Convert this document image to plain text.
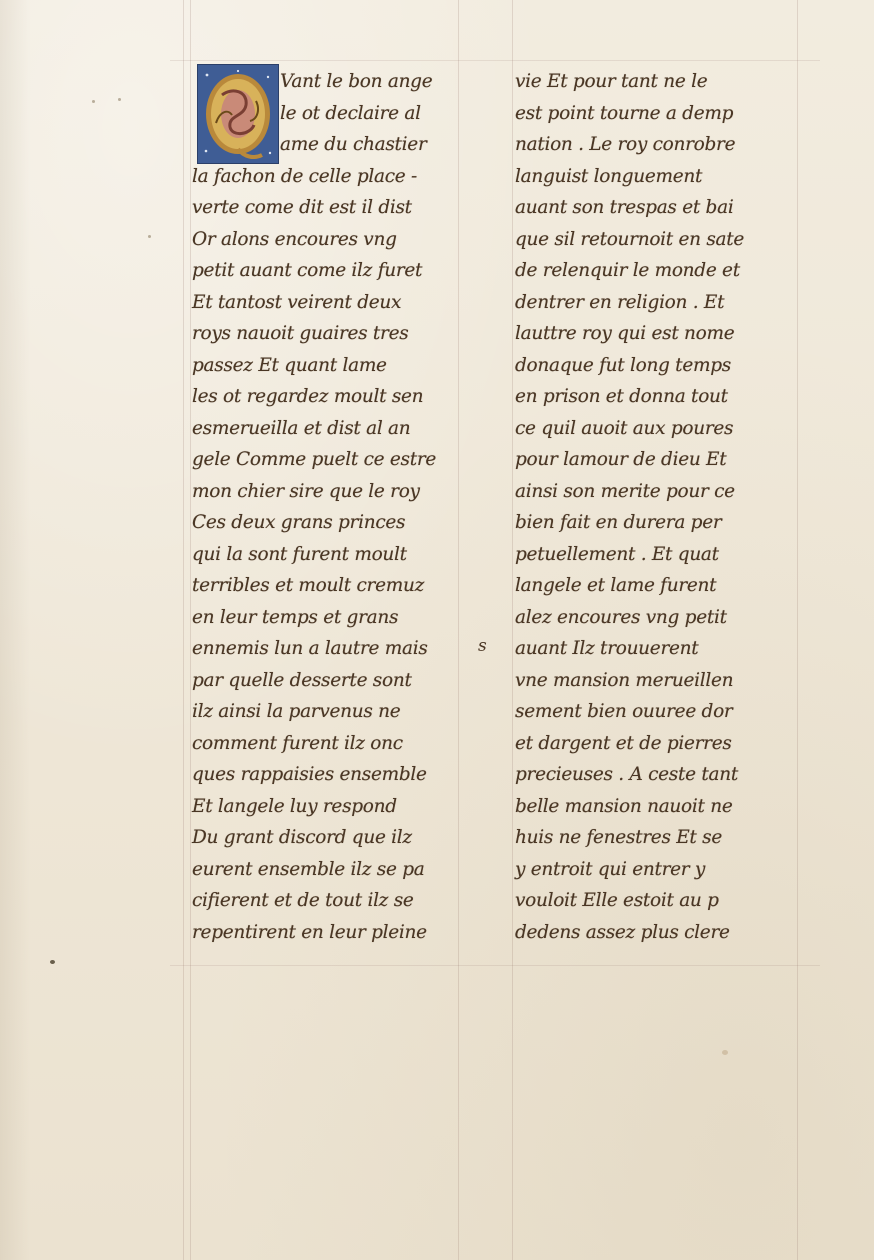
Vant le bon ange
le ot declaire al
ame du chastier
la fachon de celle place -
verte come dit est il dist
Or alons encoures vng
petit auant come ilz furet
Et tantost veirent deux
roys nauoit guaires tres
passez Et quant lame
les ot regardez moult sen
esmerueilla et dist al an
gele Comme puelt ce estre
mon chier sire que le roy
Ces deux grans princes
qui la sont furent moult
terribles et moult cremuz
en leur temps et grans
ennemis lun a lautre mais
par quelle desserte sont
ilz ainsi la parvenus ne
comment furent ilz onc
ques rappaisies ensemble
Et langele luy respond
Du grant discord que ilz
eurent ensemble ilz se pa
cifierent et de tout ilz se
repentirent en leur pleine
vie Et pour tant ne le
est point tourne a demp
nation . Le roy conrobre
languist longuement
auant son trespas et bai
que sil retournoit en sate
de relenquir le monde et
dentrer en religion . Et
lauttre roy qui est nome
donaque fut long temps
en prison et donna tout
ce quil auoit aux poures
pour lamour de dieu Et
ainsi son merite pour ce
bien fait en durera per
petuellement . Et quat
langele et lame furent
alez encoures vng petit
auant Ilz trouuerent
vne mansion merueillen
sement bien ouuree dor
et dargent et de pierres
precieuses . A ceste tant
belle mansion nauoit ne
huis ne fenestres Et se
y entroit qui entrer y
vouloit Elle estoit au p
dedens assez plus clere
s
